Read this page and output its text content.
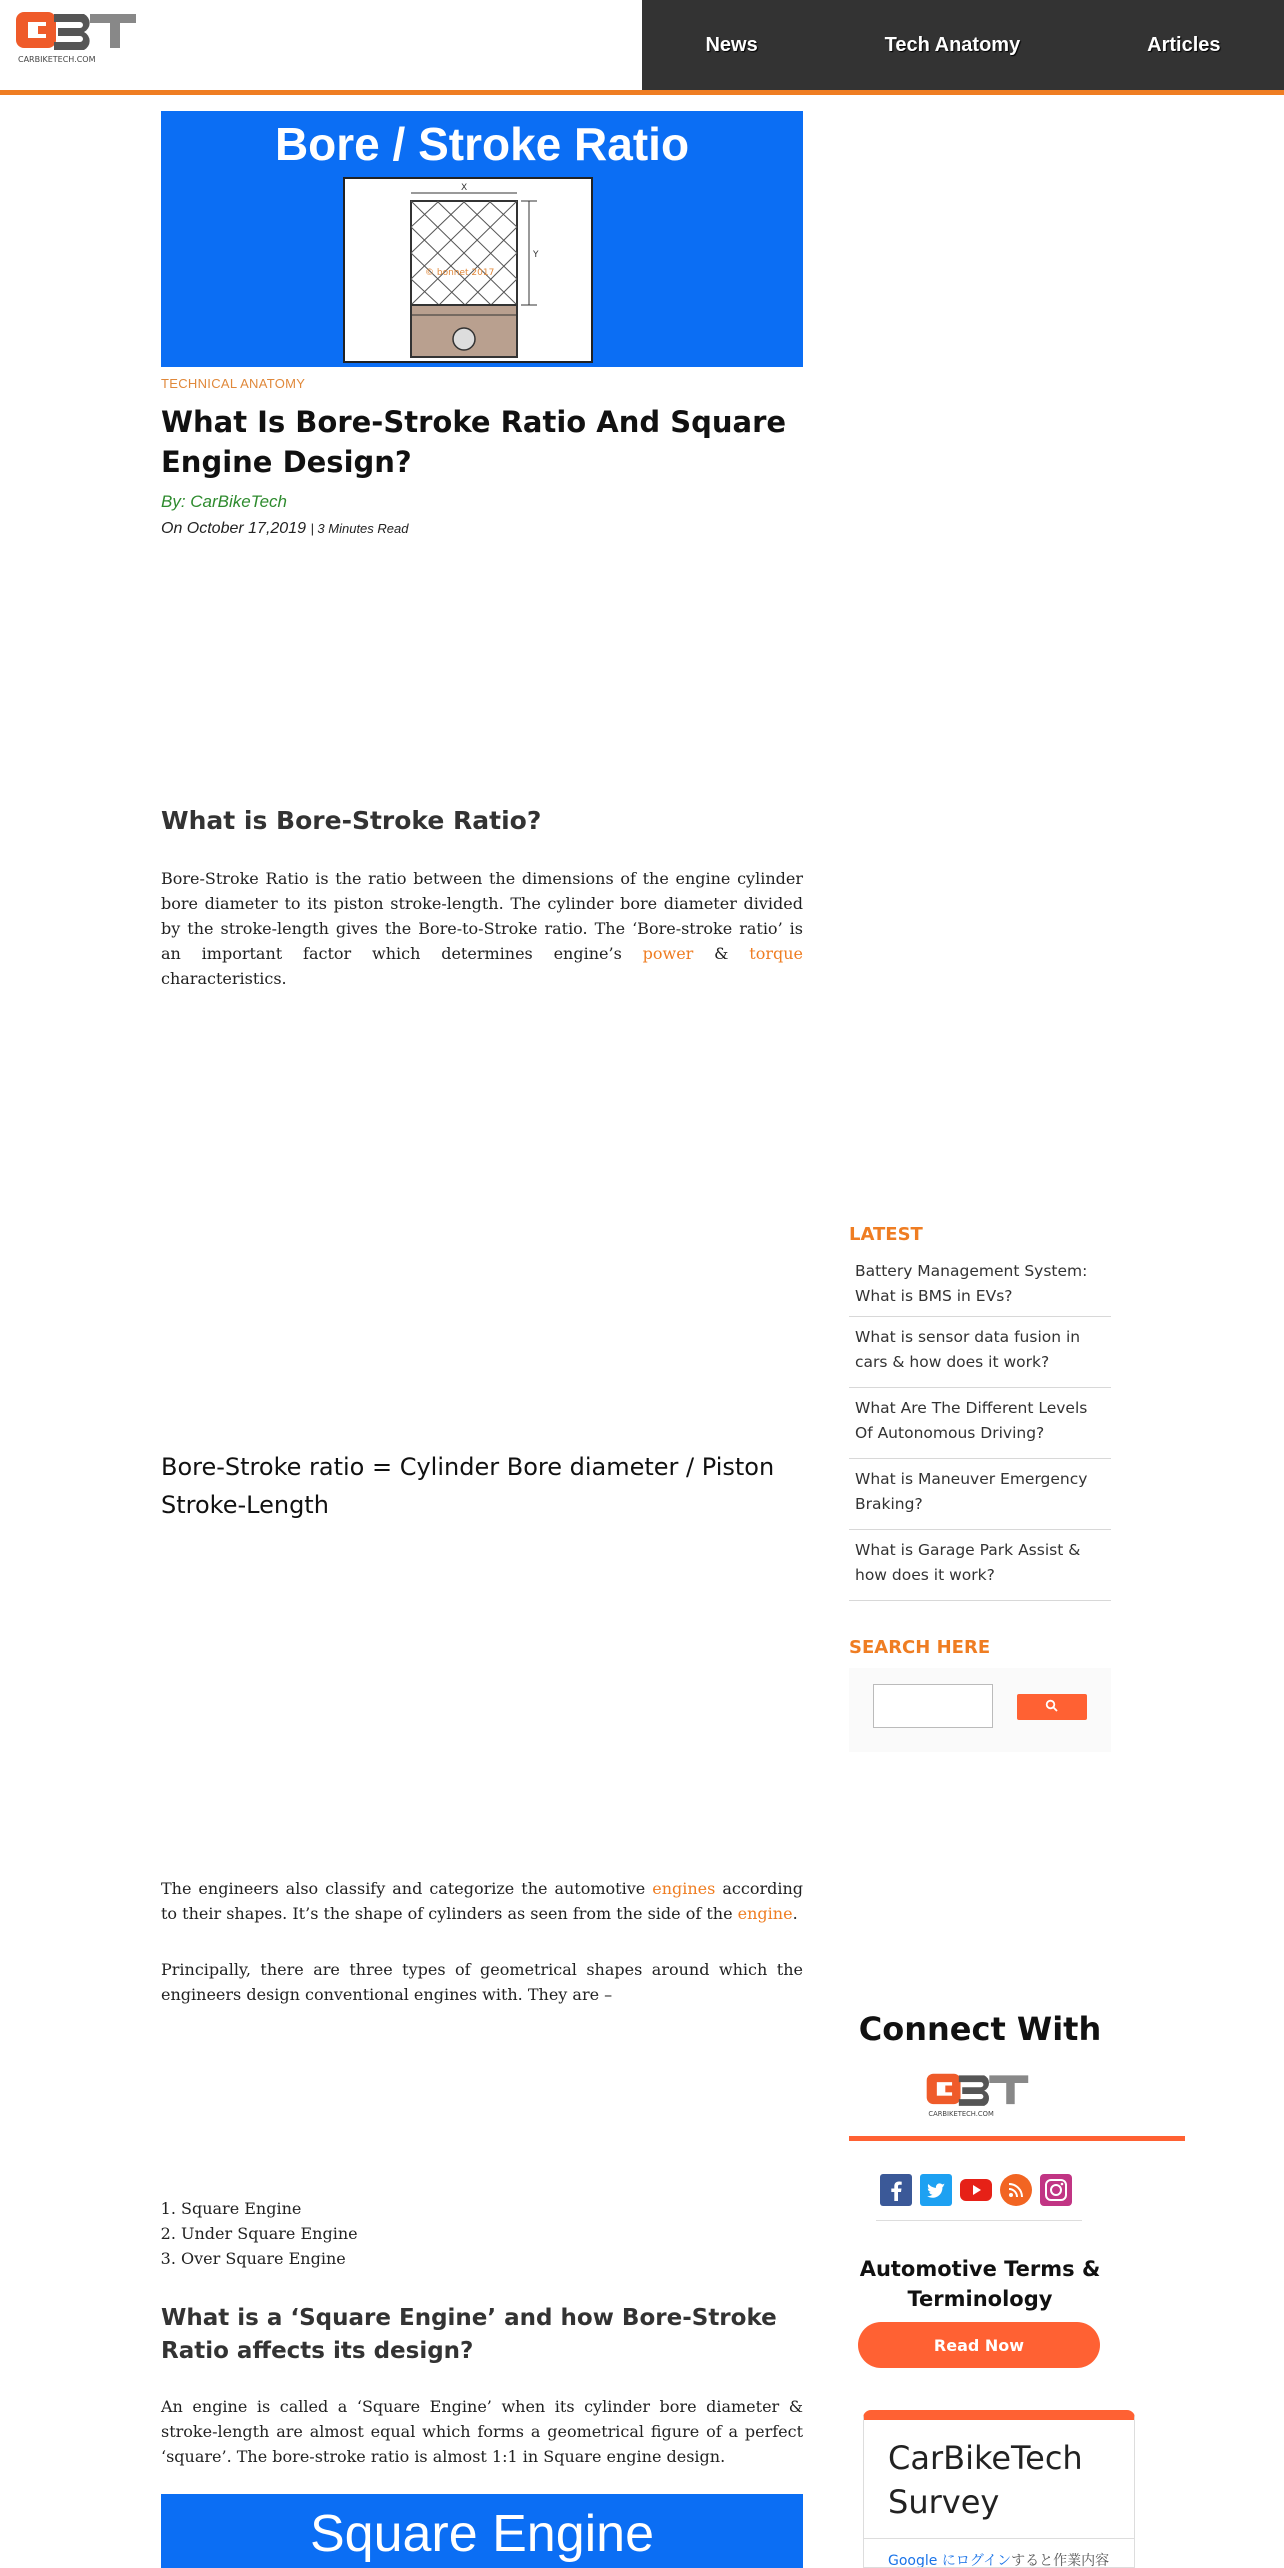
CARBIKETECH.COM
News	Tech Anatomy	Articles
Bore / Stroke Ratio
X
© bonnet 2017
Y
TECHNICAL ANATOMY
What Is Bore-Stroke Ratio And Square Engine Design?
By: CarBikeTech
On October 17,2019 | 3 Minutes Read
What is Bore-Stroke Ratio?

Bore-Stroke Ratio is the ratio between the dimensions of the engine cylinder bore diameter to its piston stroke-length. The cylinder bore diameter divided by the stroke-length gives the Bore-to-Stroke ratio. The ‘Bore-stroke ratio’ is an important factor which determines engine’s power & torque characteristics.

Bore-Stroke ratio = Cylinder Bore diameter / Piston Stroke-Length

The engineers also classify and categorize the automotive engines according to their shapes. It’s the shape of cylinders as seen from the side of the engine.

Principally, there are three types of geometrical shapes around which the engineers design conventional engines with. They are –

1. Square Engine
2. Under Square Engine
3. Over Square Engine
What is a ‘Square Engine’ and how Bore-Stroke Ratio affects its design?

An engine is called a ‘Square Engine’ when its cylinder bore diameter & stroke-length are almost equal which forms a geometrical figure of a perfect ‘square’. The bore-stroke ratio is almost 1:1 in Square engine design.

Square Engine
LATEST
Battery Management System: What is BMS in EVs?
What is sensor data fusion in cars & how does it work?
What Are The Different Levels Of Autonomous Driving?
What is Maneuver Emergency Braking?
What is Garage Park Assist & how does it work?
SEARCH HERE
Connect With
CARBIKETECH.COM
Automotive Terms & Terminology
Read Now
CarBikeTech Survey
Google にログインすると作業内容
